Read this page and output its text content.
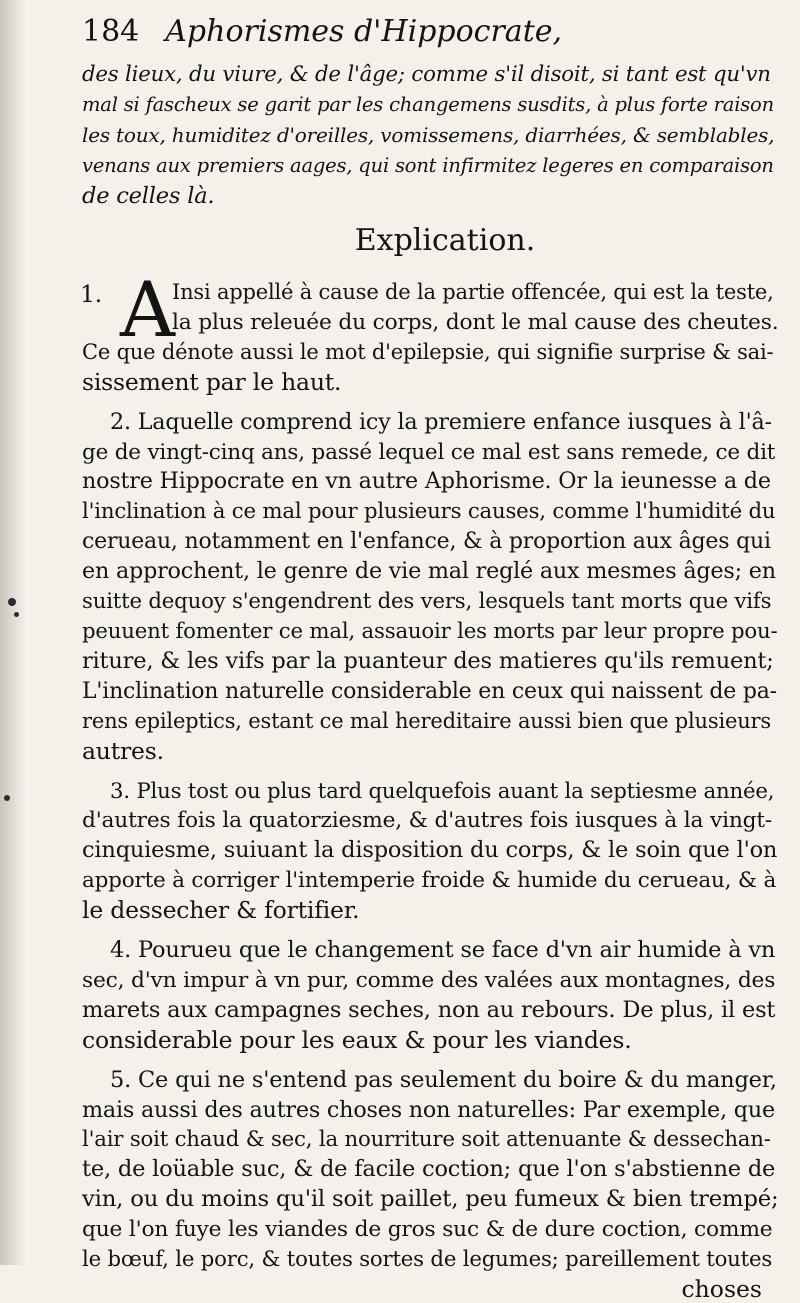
184 Aphorismes d'Hippocrate,
des lieux, du viure, & de l'âge; comme s'il disoit, si tant est qu'vn
mal si fascheux se garit par les changemens susdits, à plus forte raison
les toux, humiditez d'oreilles, vomissemens, diarrhées, & semblables,
venans aux premiers aages, qui sont infirmitez legeres en comparaison
de celles là.
Explication.
1. A
Insi appellé à cause de la partie offencée, qui est la teste,
la plus releuée du corps, dont le mal cause des cheutes.
Ce que dénote aussi le mot d'epilepsie, qui signifie surprise & sai-
sissement par le haut.
2. Laquelle comprend icy la premiere enfance iusques à l'â-
ge de vingt-cinq ans, passé lequel ce mal est sans remede, ce dit
nostre Hippocrate en vn autre Aphorisme. Or la ieunesse a de
l'inclination à ce mal pour plusieurs causes, comme l'humidité du
cerueau, notamment en l'enfance, & à proportion aux âges qui
en approchent, le genre de vie mal reglé aux mesmes âges; en
suitte dequoy s'engendrent des vers, lesquels tant morts que vifs
peuuent fomenter ce mal, assauoir les morts par leur propre pou-
riture, & les vifs par la puanteur des matieres qu'ils remuent;
L'inclination naturelle considerable en ceux qui naissent de pa-
rens epileptics, estant ce mal hereditaire aussi bien que plusieurs
autres.
3. Plus tost ou plus tard quelquefois auant la septiesme année,
d'autres fois la quatorziesme, & d'autres fois iusques à la vingt-
cinquiesme, suiuant la disposition du corps, & le soin que l'on
apporte à corriger l'intemperie froide & humide du cerueau, & à
le dessecher & fortifier.
4. Pourueu que le changement se face d'vn air humide à vn
sec, d'vn impur à vn pur, comme des valées aux montagnes, des
marets aux campagnes seches, non au rebours. De plus, il est
considerable pour les eaux & pour les viandes.
5. Ce qui ne s'entend pas seulement du boire & du manger,
mais aussi des autres choses non naturelles: Par exemple, que
l'air soit chaud & sec, la nourriture soit attenuante & dessechan-
te, de loüable suc, & de facile coction; que l'on s'abstienne de
vin, ou du moins qu'il soit paillet, peu fumeux & bien trempé;
que l'on fuye les viandes de gros suc & de dure coction, comme
le bœuf, le porc, & toutes sortes de legumes; pareillement toutes
choses
